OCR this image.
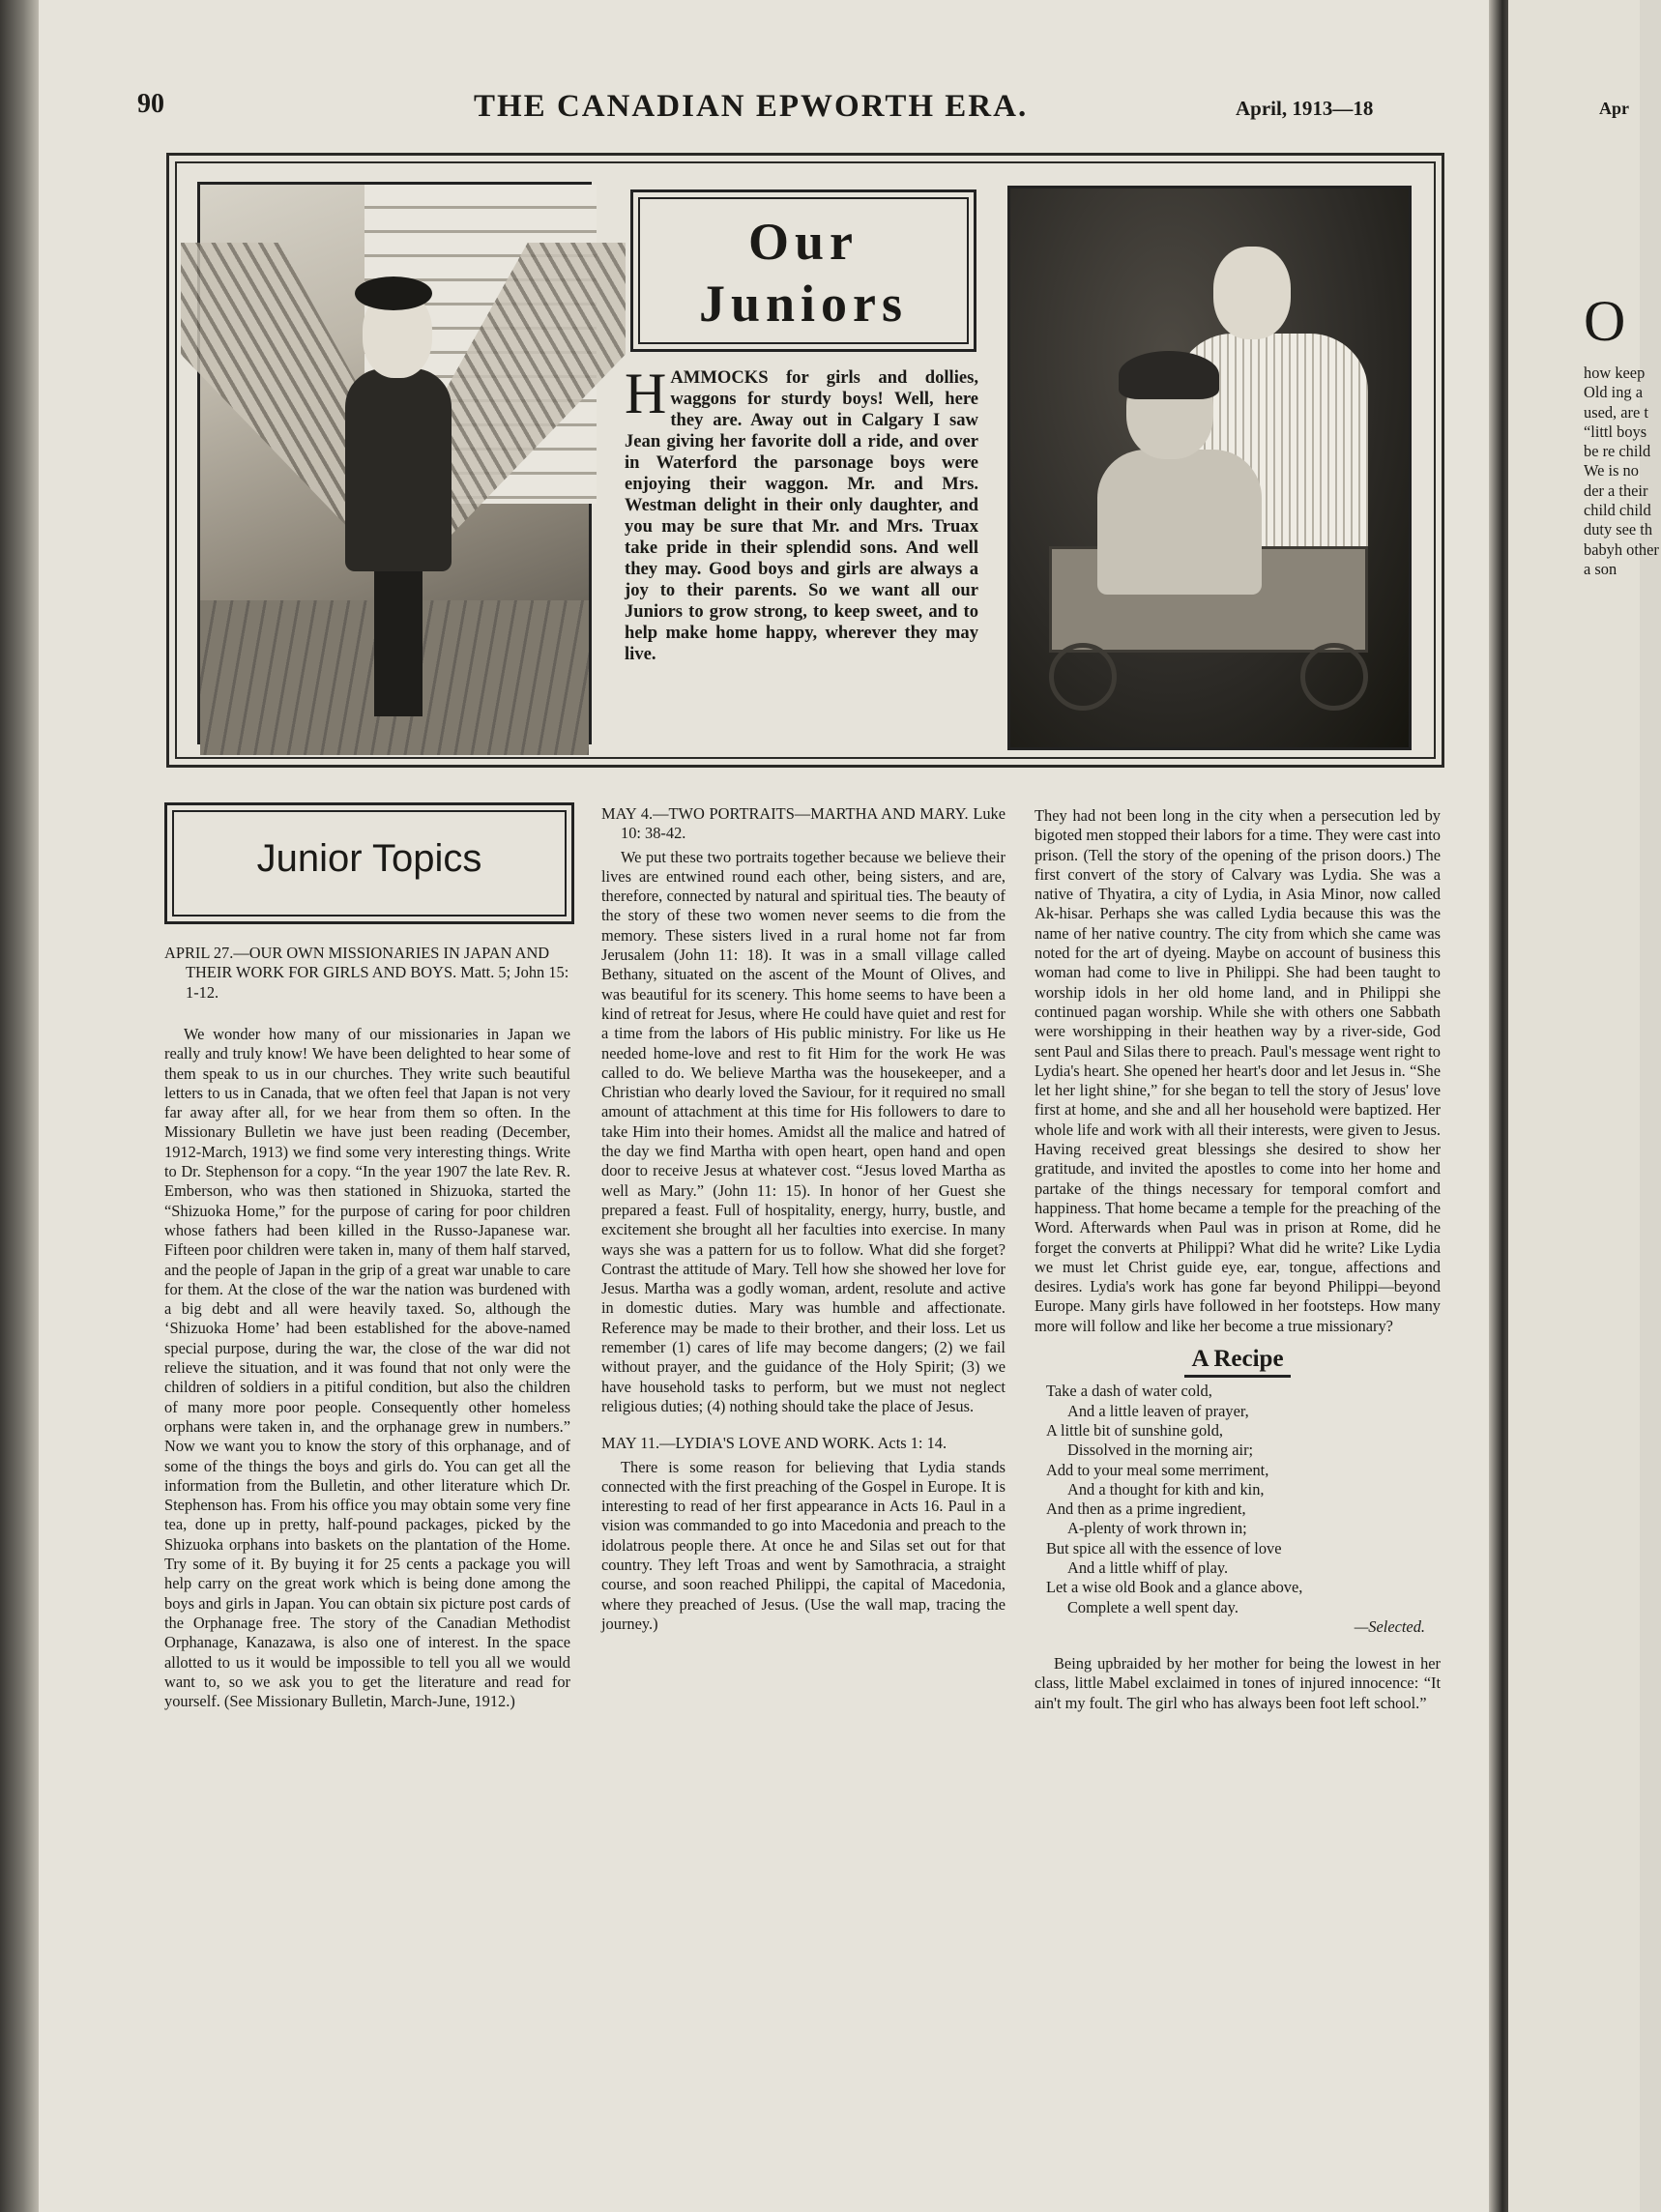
Apr
O
how keep Old ing a used, are t “littl boys be re child We is no der a their child child duty see th babyh other a son
90	THE CANADIAN EPWORTH ERA.	April, 1913—18
Our
Juniors
HAMMOCKS for girls and dollies, waggons for sturdy boys! Well, here they are. Away out in Calgary I saw Jean giving her favorite doll a ride, and over in Waterford the parsonage boys were enjoying their waggon. Mr. and Mrs. Westman delight in their only daughter, and you may be sure that Mr. and Mrs. Truax take pride in their splendid sons. And well they may. Good boys and girls are always a joy to their parents. So we want all our Juniors to grow strong, to keep sweet, and to help make home happy, wherever they may live.
Junior Topics
APRIL 27.—OUR OWN MISSIONARIES IN JAPAN AND THEIR WORK FOR GIRLS AND BOYS. Matt. 5; John 15: 1-12.

We wonder how many of our missionaries in Japan we really and truly know! We have been delighted to hear some of them speak to us in our churches. They write such beautiful letters to us in Canada, that we often feel that Japan is not very far away after all, for we hear from them so often. In the Missionary Bulletin we have just been reading (December, 1912-March, 1913) we find some very interesting things. Write to Dr. Stephenson for a copy. “In the year 1907 the late Rev. R. Emberson, who was then stationed in Shizuoka, started the “Shizuoka Home,” for the purpose of caring for poor children whose fathers had been killed in the Russo-Japanese war. Fifteen poor children were taken in, many of them half starved, and the people of Japan in the grip of a great war unable to care for them. At the close of the war the nation was burdened with a big debt and all were heavily taxed. So, although the ‘Shizuoka Home’ had been established for the above-named special purpose, during the war, the close of the war did not relieve the situation, and it was found that not only were the children of soldiers in a pitiful condition, but also the children of many more poor people. Consequently other homeless orphans were taken in, and the orphanage grew in numbers.” Now we want you to know the story of this orphanage, and of some of the things the boys and girls do. You can get all the information from the Bulletin, and other literature which Dr. Stephenson has. From his office you may obtain some very fine tea, done up in pretty, half-pound packages, picked by the Shizuoka orphans into baskets on the plantation of the Home. Try some of it. By buying it for 25 cents a package you will help carry on the great work which is being done among the boys and girls in Japan. You can obtain six picture post cards of the Orphanage free. The story of the Canadian Methodist Orphanage, Kanazawa, is also one of interest. In the space allotted to us it would be impossible to tell you all we would want to, so we ask you to get the literature and read for yourself. (See Missionary Bulletin, March-June, 1912.)

MAY 4.—TWO PORTRAITS—MARTHA AND MARY. Luke 10: 38-42.

We put these two portraits together because we believe their lives are entwined round each other, being sisters, and are, therefore, connected by natural and spiritual ties. The beauty of the story of these two women never seems to die from the memory. These sisters lived in a rural home not far from Jerusalem (John 11: 18). It was in a small village called Bethany, situated on the ascent of the Mount of Olives, and was beautiful for its scenery. This home seems to have been a kind of retreat for Jesus, where He could have quiet and rest for a time from the labors of His public ministry. For like us He needed home-love and rest to fit Him for the work He was called to do. We believe Martha was the housekeeper, and a Christian who dearly loved the Saviour, for it required no small amount of attachment at this time for His followers to dare to take Him into their homes. Amidst all the malice and hatred of the day we find Martha with open heart, open hand and open door to receive Jesus at whatever cost. “Jesus loved Martha as well as Mary.” (John 11: 15). In honor of her Guest she prepared a feast. Full of hospitality, energy, hurry, bustle, and excitement she brought all her faculties into exercise. In many ways she was a pattern for us to follow. What did she forget? Contrast the attitude of Mary. Tell how she showed her love for Jesus. Martha was a godly woman, ardent, resolute and active in domestic duties. Mary was humble and affectionate. Reference may be made to their brother, and their loss. Let us remember (1) cares of life may become dangers; (2) we fail without prayer, and the guidance of the Holy Spirit; (3) we have household tasks to perform, but we must not neglect religious duties; (4) nothing should take the place of Jesus.

MAY 11.—LYDIA'S LOVE AND WORK. Acts 1: 14.

There is some reason for believing that Lydia stands connected with the first preaching of the Gospel in Europe. It is interesting to read of her first appearance in Acts 16. Paul in a vision was commanded to go into Macedonia and preach to the idolatrous people there. At once he and Silas set out for that country. They left Troas and went by Samothracia, a straight course, and soon reached Philippi, the capital of Macedonia, where they preached of Jesus. (Use the wall map, tracing the journey.)

They had not been long in the city when a persecution led by bigoted men stopped their labors for a time. They were cast into prison. (Tell the story of the opening of the prison doors.) The first convert of the story of Calvary was Lydia. She was a native of Thyatira, a city of Lydia, in Asia Minor, now called Ak-hisar. Perhaps she was called Lydia because this was the name of her native country. The city from which she came was noted for the art of dyeing. Maybe on account of business this woman had come to live in Philippi. She had been taught to worship idols in her old home land, and in Philippi she continued pagan worship. While she with others one Sabbath were worshipping in their heathen way by a river-side, God sent Paul and Silas there to preach. Paul's message went right to Lydia's heart. She opened her heart's door and let Jesus in. “She let her light shine,” for she began to tell the story of Jesus' love first at home, and she and all her household were baptized. Her whole life and work with all their interests, were given to Jesus. Having received great blessings she desired to show her gratitude, and invited the apostles to come into her home and partake of the things necessary for temporal comfort and happiness. That home became a temple for the preaching of the Word. Afterwards when Paul was in prison at Rome, did he forget the converts at Philippi? What did he write? Like Lydia we must let Christ guide eye, ear, tongue, affections and desires. Lydia's work has gone far beyond Philippi—beyond Europe. Many girls have followed in her footsteps. How many more will follow and like her become a true missionary?

A Recipe
Take a dash of water cold,
And a little leaven of prayer,
A little bit of sunshine gold,
Dissolved in the morning air;
Add to your meal some merriment,
And a thought for kith and kin,
And then as a prime ingredient,
A-plenty of work thrown in;
But spice all with the essence of love
And a little whiff of play.
Let a wise old Book and a glance above,
Complete a well spent day.
—Selected.

Being upbraided by her mother for being the lowest in her class, little Mabel exclaimed in tones of injured innocence: “It ain't my foult. The girl who has always been foot left school.”
